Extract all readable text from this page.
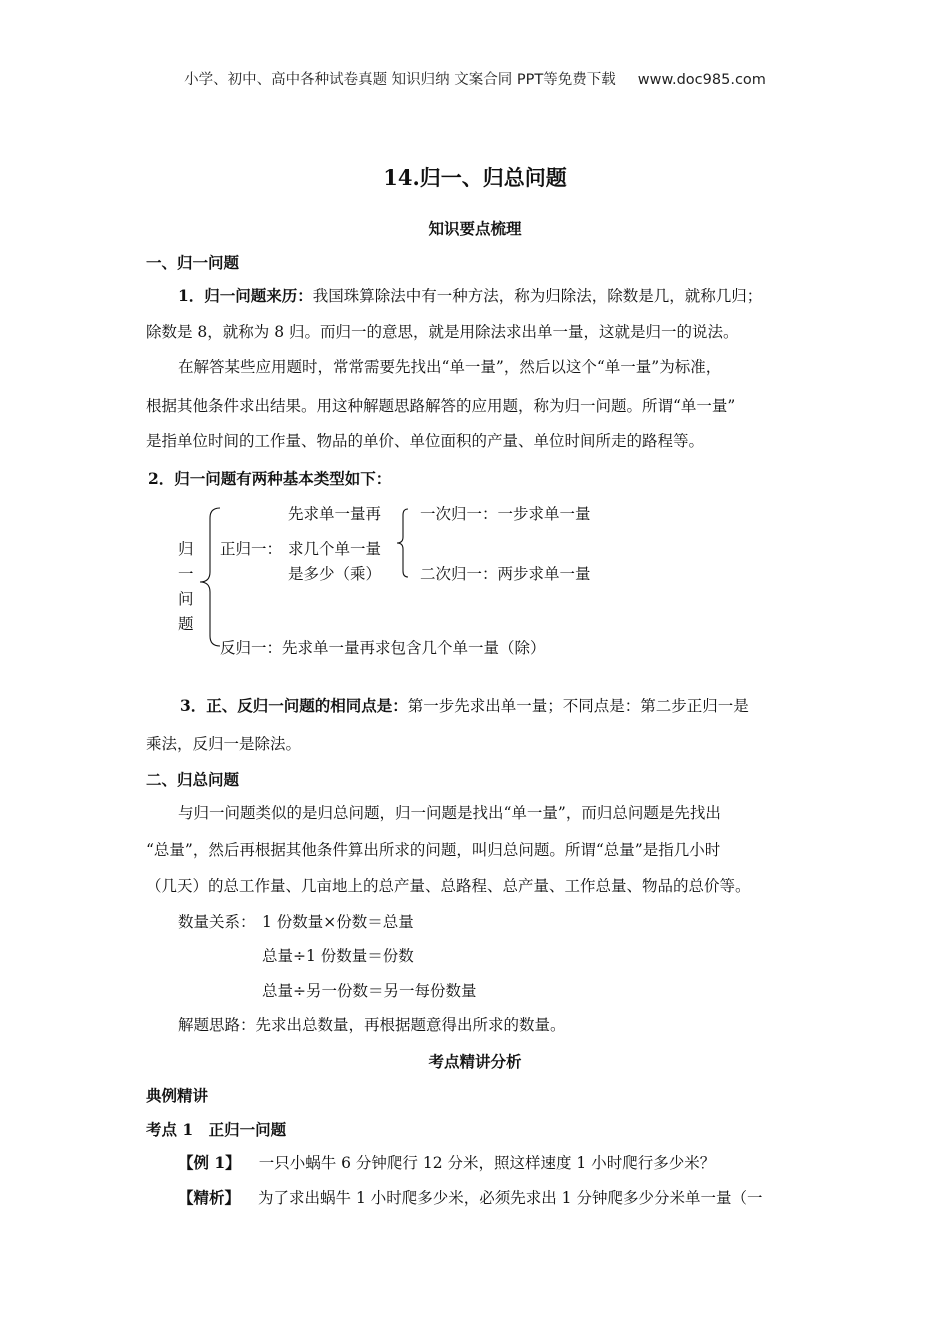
小学、初中、高中各种试卷真题 知识归纳 文案合同 PPT等免费下载 www.doc985.com
14.归一、归总问题
知识要点梳理
一、归一问题
1．归一问题来历：我国珠算除法中有一种方法，称为归除法，除数是几，就称几归；
除数是 8，就称为 8 归。而归一的意思，就是用除法求出单一量，这就是归一的说法。
在解答某些应用题时，常常需要先找出“单一量”，然后以这个“单一量”为标准，
根据其他条件求出结果。用这种解题思路解答的应用题，称为归一问题。所谓“单一量”
是指单位时间的工作量、物品的单价、单位面积的产量、单位时间所走的路程等。
2．归一问题有两种基本类型如下：
归
一
问
题
先求单一量再
正归一： 求几个单一量
是多少（乘）
一次归一：一步求单一量
二次归一：两步求单一量
反归一：先求单一量再求包含几个单一量（除）
3．正、反归一问题的相同点是：第一步先求出单一量；不同点是：第二步正归一是
乘法，反归一是除法。
二、归总问题
与归一问题类似的是归总问题，归一问题是找出“单一量”，而归总问题是先找出
“总量”，然后再根据其他条件算出所求的问题，叫归总问题。所谓“总量”是指几小时
（几天）的总工作量、几亩地上的总产量、总路程、总产量、工作总量、物品的总价等。
数量关系： 1 份数量×份数＝总量
总量÷1 份数量＝份数
总量÷另一份数＝另一每份数量
解题思路：先求出总数量，再根据题意得出所求的数量。
考点精讲分析
典例精讲
考点 1　正归一问题
【例 1】 一只小蜗牛 6 分钟爬行 12 分米，照这样速度 1 小时爬行多少米？
【精析】 为了求出蜗牛 1 小时爬多少米，必须先求出 1 分钟爬多少分米单一量（一
